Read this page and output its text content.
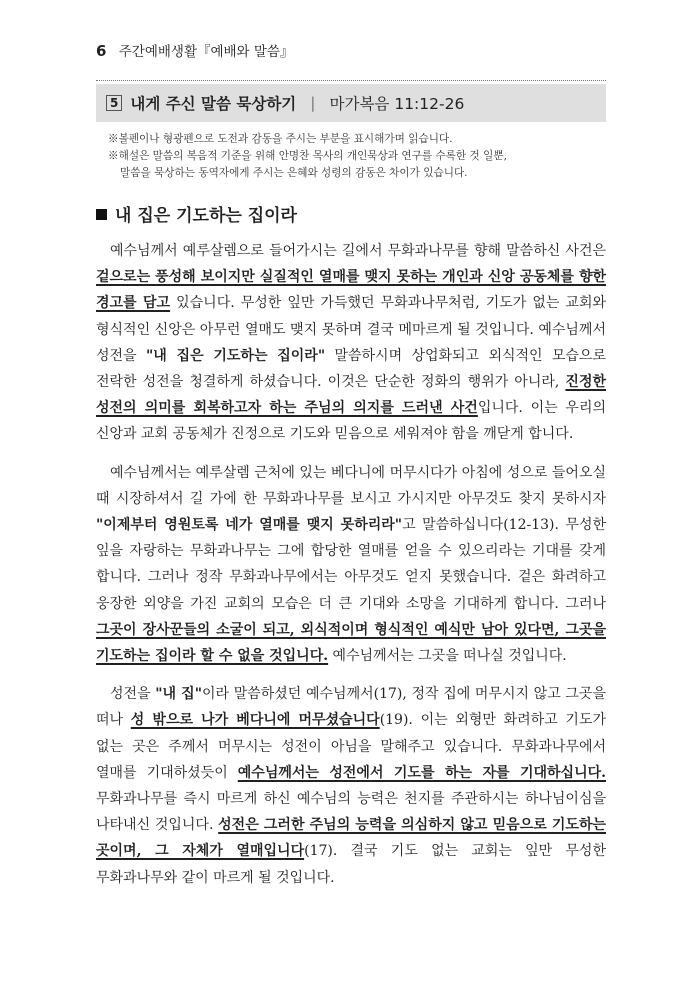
6 주간예배생활『예배와 말씀』
5 내게 주신 말씀 묵상하기 | 마가복음 11:12-26
※볼펜이나 형광펜으로 도전과 감동을 주시는 부분을 표시해가며 읽습니다.
※해설은 말씀의 복음적 기준을 위해 안명찬 목사의 개인묵상과 연구를 수록한 것 일뿐,
말씀을 묵상하는 동역자에게 주시는 은혜와 성령의 감동은 차이가 있습니다.
내 집은 기도하는 집이라

예수님께서 예루살렘으로 들어가시는 길에서 무화과나무를 향해 말씀하신 사건은 겉으로는 풍성해 보이지만 실질적인 열매를 맺지 못하는 개인과 신앙 공동체를 향한 경고를 담고 있습니다. 무성한 잎만 가득했던 무화과나무처럼, 기도가 없는 교회와 형식적인 신앙은 아무런 열매도 맺지 못하며 결국 메마르게 될 것입니다. 예수님께서 성전을 "내 집은 기도하는 집이라" 말씀하시며 상업화되고 외식적인 모습으로 전락한 성전을 청결하게 하셨습니다. 이것은 단순한 정화의 행위가 아니라, 진정한 성전의 의미를 회복하고자 하는 주님의 의지를 드러낸 사건입니다. 이는 우리의 신앙과 교회 공동체가 진정으로 기도와 믿음으로 세워져야 함을 깨닫게 합니다.

예수님께서는 예루살렘 근처에 있는 베다니에 머무시다가 아침에 성으로 들어오실 때 시장하셔서 길 가에 한 무화과나무를 보시고 가시지만 아무것도 찾지 못하시자 "이제부터 영원토록 네가 열매를 맺지 못하리라"고 말씀하십니다(12-13). 무성한 잎을 자랑하는 무화과나무는 그에 합당한 열매를 얻을 수 있으리라는 기대를 갖게 합니다. 그러나 정작 무화과나무에서는 아무것도 얻지 못했습니다. 겉은 화려하고 웅장한 외양을 가진 교회의 모습은 더 큰 기대와 소망을 기대하게 합니다. 그러나 그곳이 장사꾼들의 소굴이 되고, 외식적이며 형식적인 예식만 남아 있다면, 그곳을 기도하는 집이라 할 수 없을 것입니다. 예수님께서는 그곳을 떠나실 것입니다.

성전을 "내 집"이라 말씀하셨던 예수님께서(17), 정작 집에 머무시지 않고 그곳을 떠나 성 밖으로 나가 베다니에 머무셨습니다(19). 이는 외형만 화려하고 기도가 없는 곳은 주께서 머무시는 성전이 아님을 말해주고 있습니다. 무화과나무에서 열매를 기대하셨듯이 예수님께서는 성전에서 기도를 하는 자를 기대하십니다. 무화과나무를 즉시 마르게 하신 예수님의 능력은 천지를 주관하시는 하나님이심을 나타내신 것입니다. 성전은 그러한 주님의 능력을 의심하지 않고 믿음으로 기도하는 곳이며, 그 자체가 열매입니다(17). 결국 기도 없는 교회는 잎만 무성한 무화과나무와 같이 마르게 될 것입니다.
